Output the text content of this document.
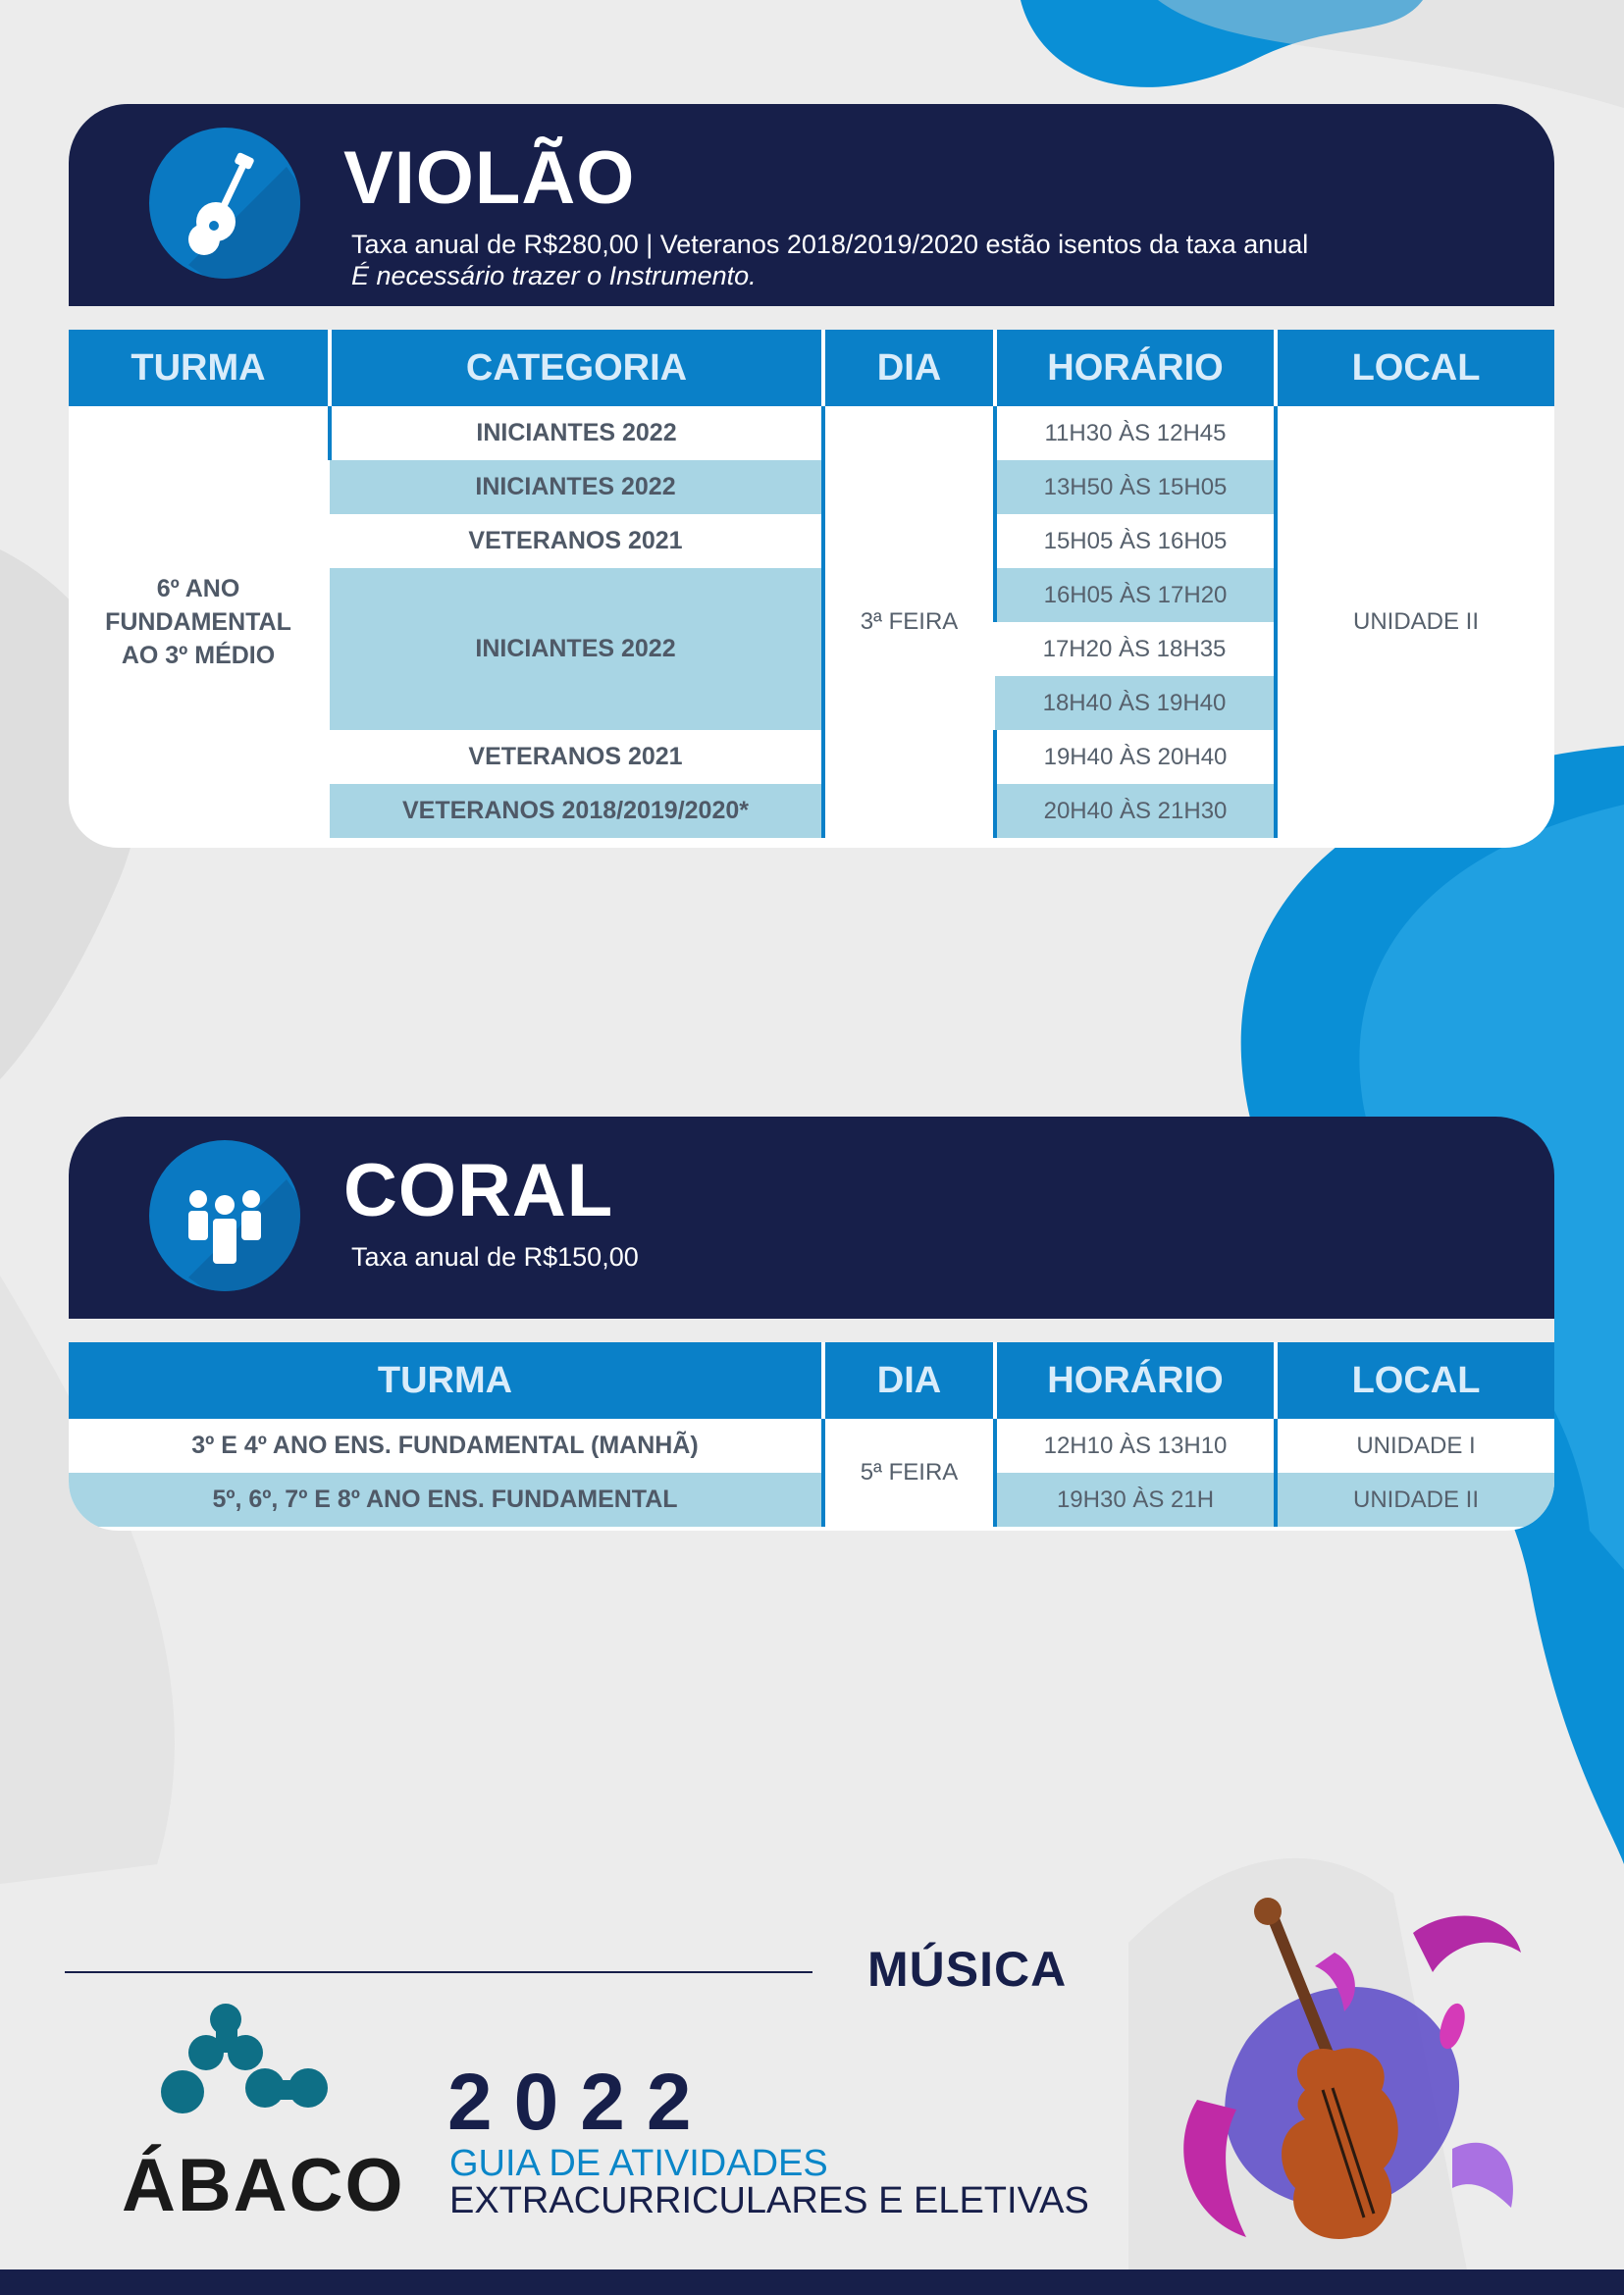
VIOLÃO
Taxa anual de R$280,00 | Veteranos 2018/2019/2020 estão isentos da taxa anual
É necessário trazer o Instrumento.
TURMA	CATEGORIA	DIA	HORÁRIO	LOCAL

6º ANO
FUNDAMENTAL
AO 3º MÉDIO	INICIANTES 2022	3ª FEIRA	11H30 ÀS 12H45	UNIDADE II
	INICIANTES 2022		13H50 ÀS 15H05	
	VETERANOS 2021		15H05 ÀS 16H05	
	INICIANTES 2022		16H05 ÀS 17H20	
			17H20 ÀS 18H35	
			18H40 ÀS 19H40	
	VETERANOS 2021		19H40 ÀS 20H40	
	VETERANOS 2018/2019/2020*		20H40 ÀS 21H30	
CORAL
Taxa anual de R$150,00
TURMA	DIA	HORÁRIO	LOCAL
3º E 4º ANO ENS. FUNDAMENTAL (MANHÃ)	5ª FEIRA	12H10 ÀS 13H10	UNIDADE I
5º, 6º, 7º E 8º ANO ENS. FUNDAMENTAL		19H30 ÀS 21H	UNIDADE II
MÚSICA
ÁBACO
2022
GUIA DE ATIVIDADES
EXTRACURRICULARES E ELETIVAS
